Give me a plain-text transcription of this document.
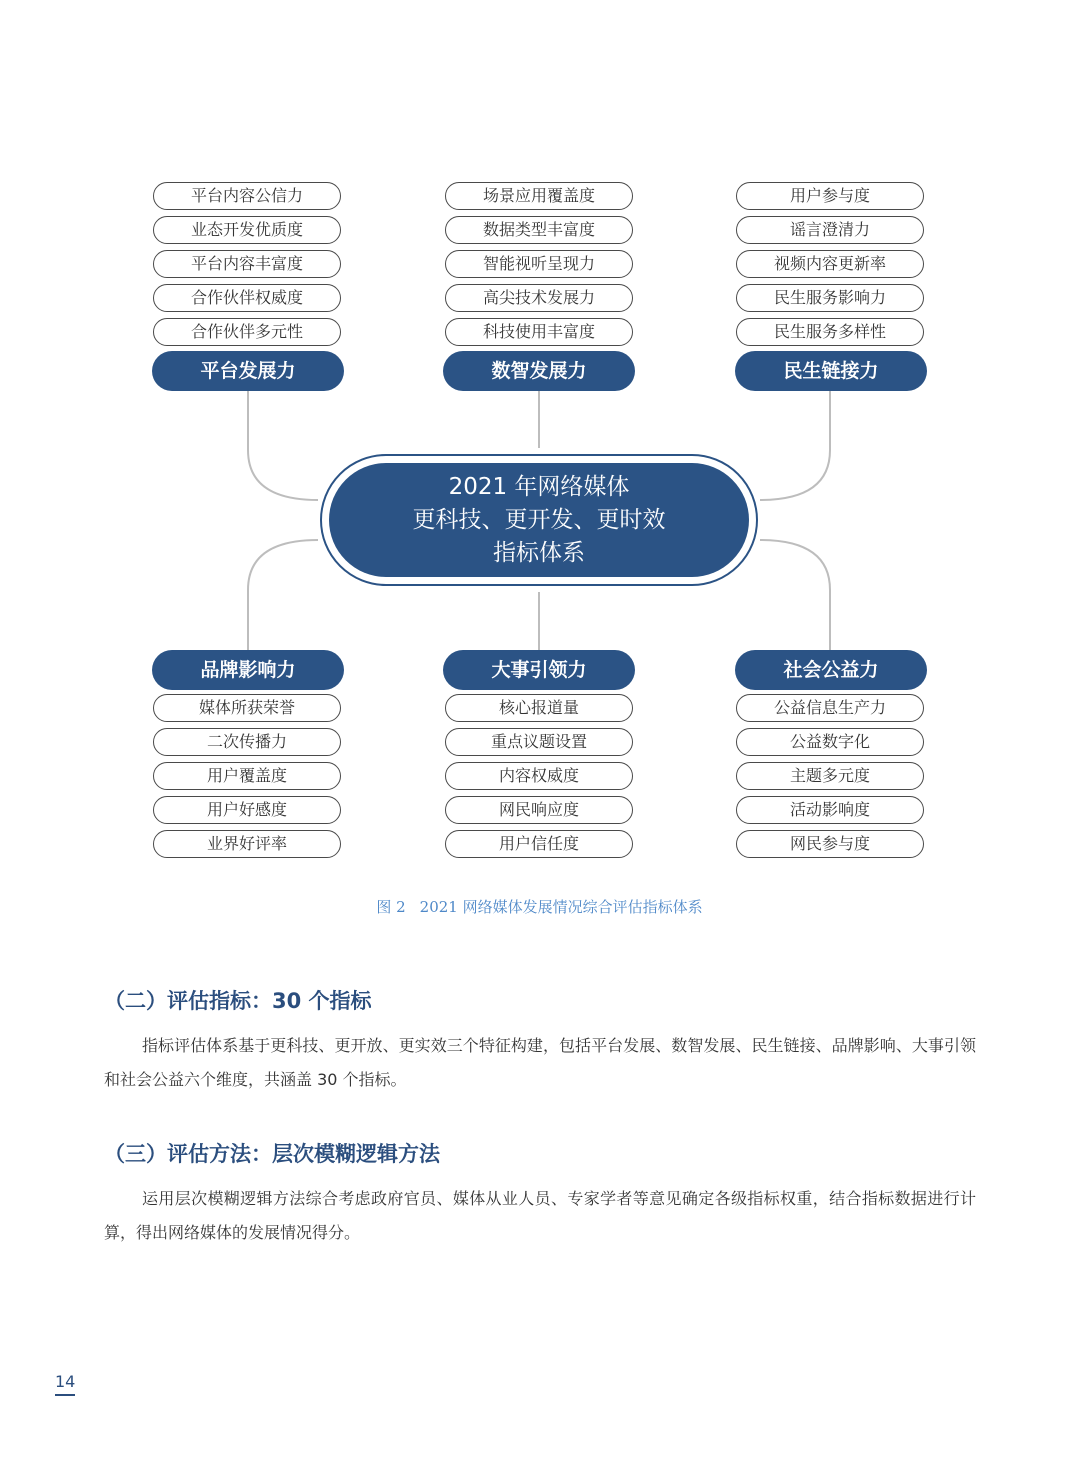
平台内容公信力
业态开发优质度
平台内容丰富度
合作伙伴权威度
合作伙伴多元性
平台发展力
场景应用覆盖度
数据类型丰富度
智能视听呈现力
高尖技术发展力
科技使用丰富度
数智发展力
用户参与度
谣言澄清力
视频内容更新率
民生服务影响力
民生服务多样性
民生链接力
2021 年网络媒体
更科技、更开发、更时效
指标体系
品牌影响力
媒体所获荣誉
二次传播力
用户覆盖度
用户好感度
业界好评率
大事引领力
核心报道量
重点议题设置
内容权威度
网民响应度
用户信任度
社会公益力
公益信息生产力
公益数字化
主题多元度
活动影响度
网民参与度
图 2 2021 网络媒体发展情况综合评估指标体系
（二）评估指标：30 个指标
指标评估体系基于更科技、更开放、更实效三个特征构建，包括平台发展、数智发展、民生链接、品牌影响、大事引领和社会公益六个维度，共涵盖 30 个指标。
（三）评估方法：层次模糊逻辑方法
运用层次模糊逻辑方法综合考虑政府官员、媒体从业人员、专家学者等意见确定各级指标权重，结合指标数据进行计算，得出网络媒体的发展情况得分。
14
